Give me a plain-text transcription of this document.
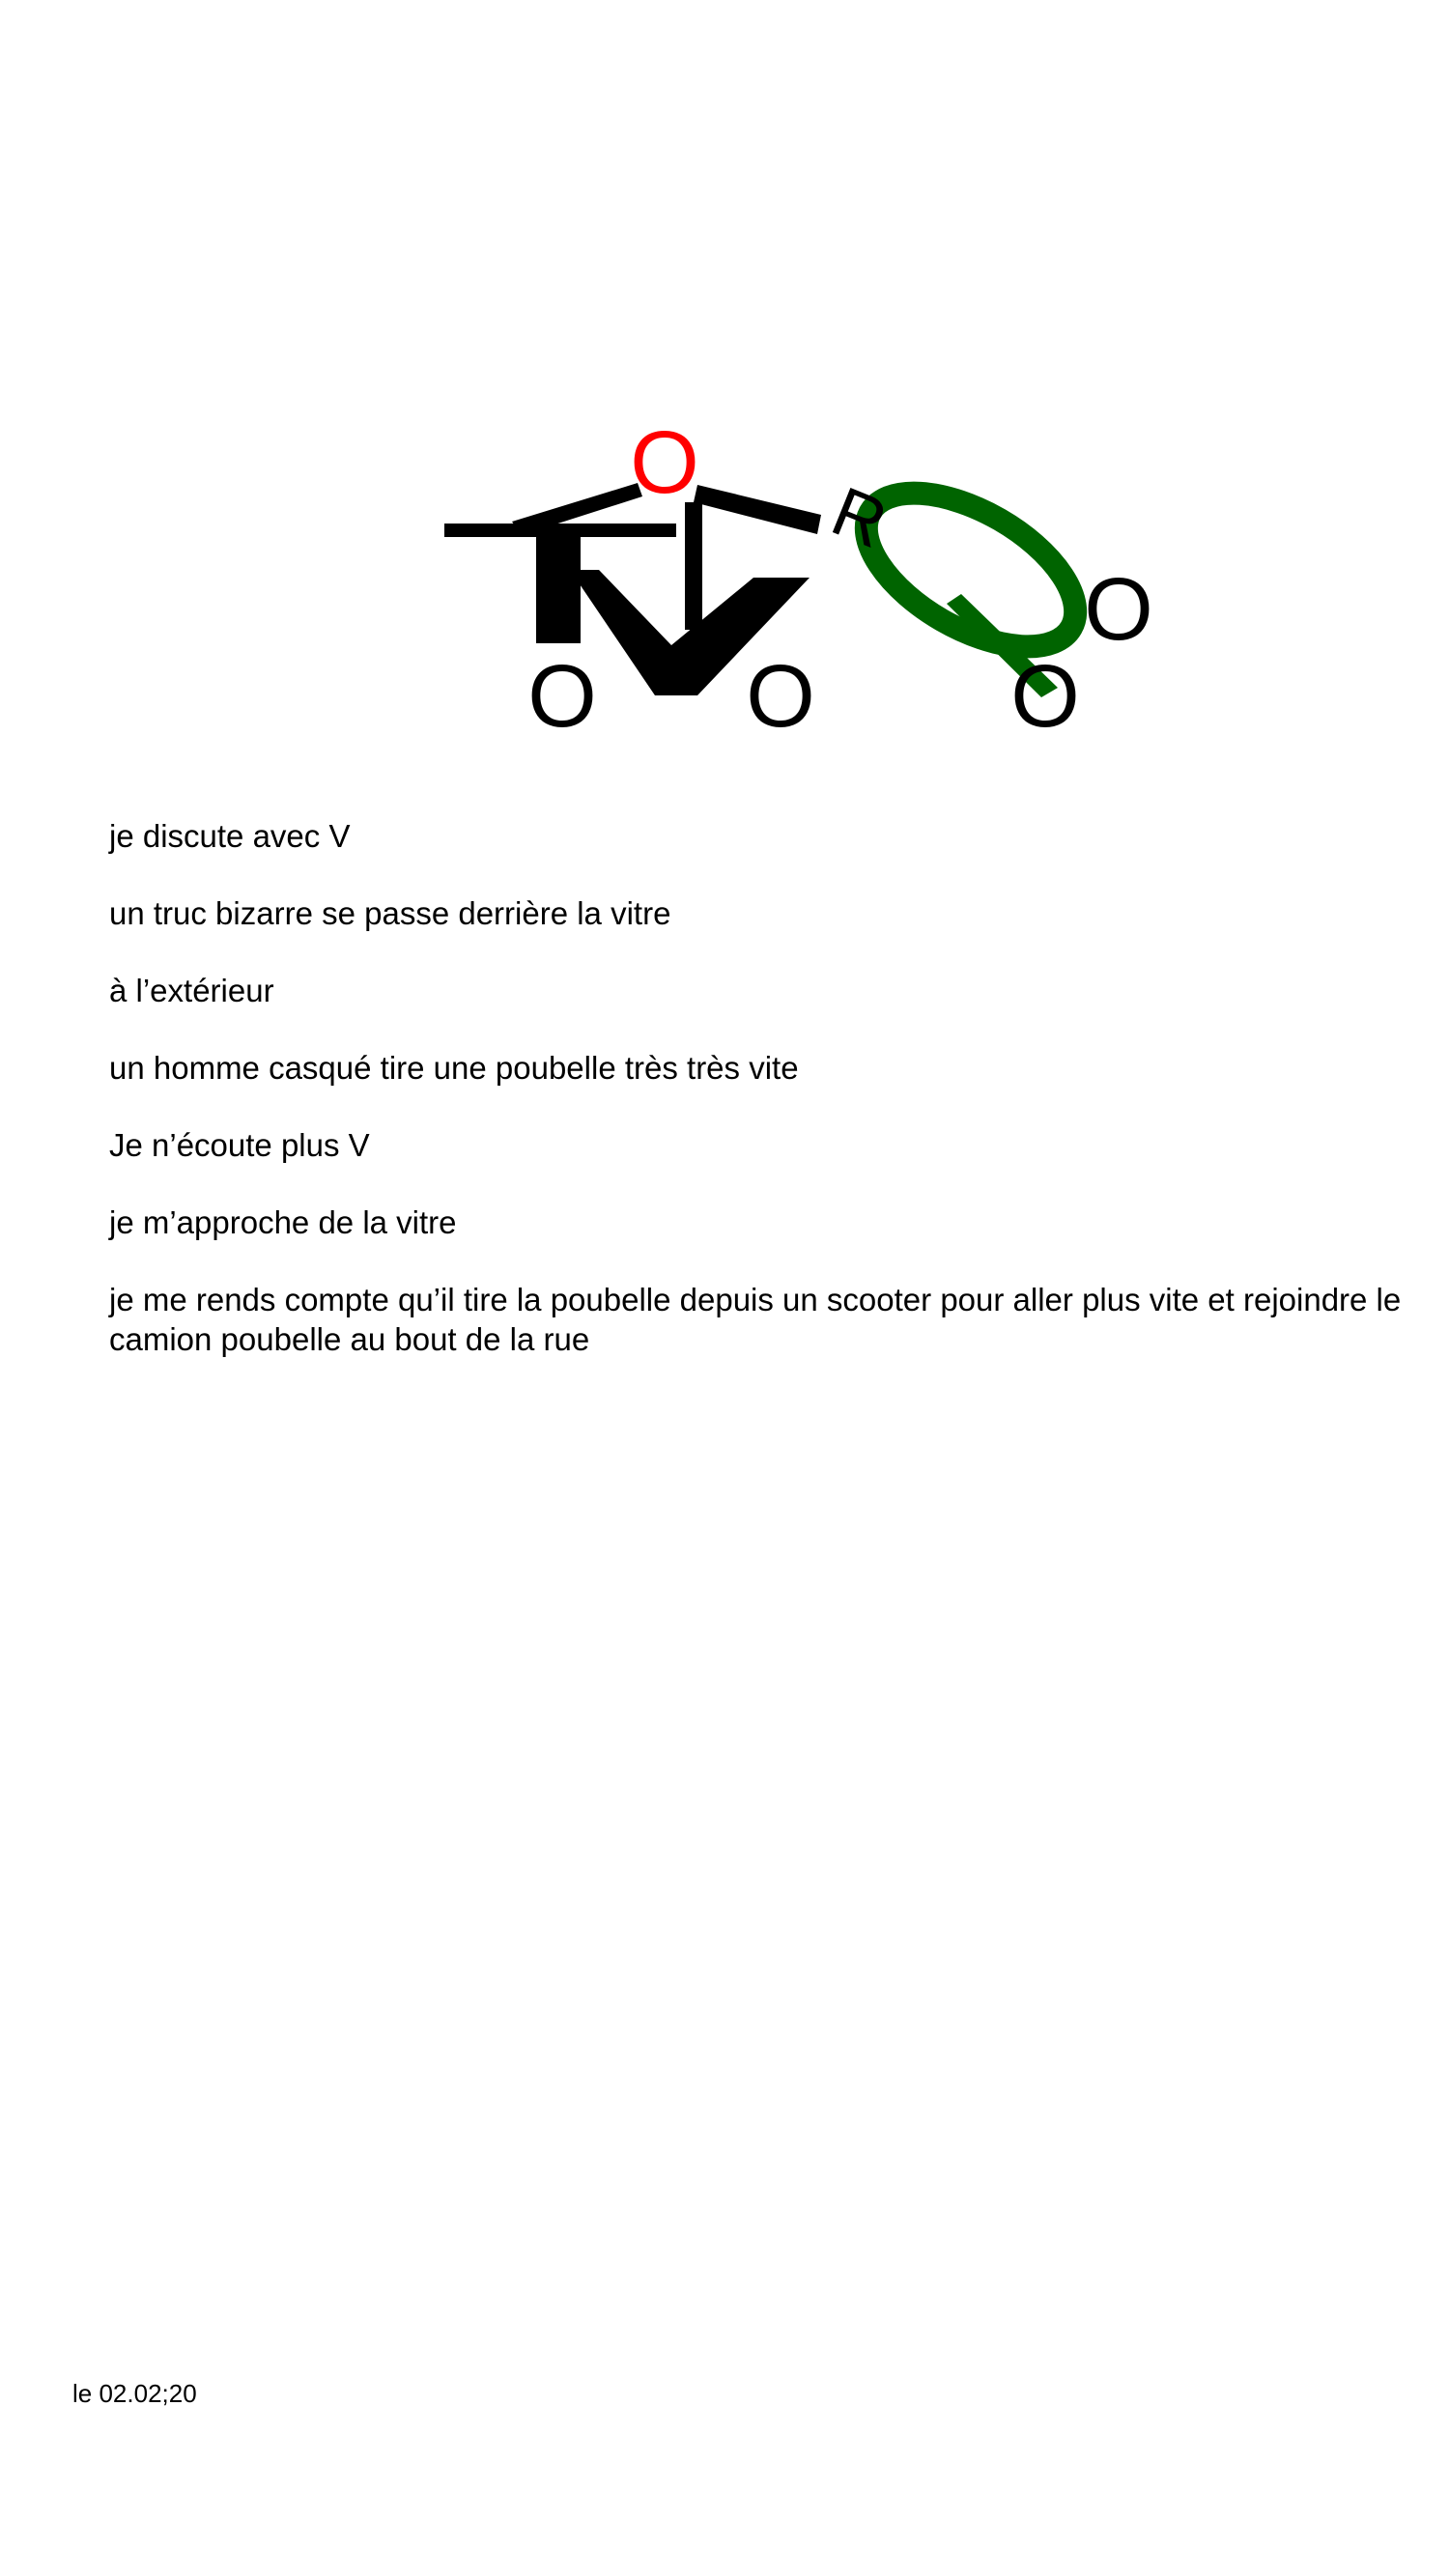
O
R
O O
O
O

je discute avec V

un truc bizarre se passe derrière la vitre

à l’extérieur

un homme casqué tire une poubelle très très vite

Je n’écoute plus V

je m’approche de la vitre

je me rends compte qu’il tire la poubelle depuis un scooter pour aller plus vite et rejoindre le camion poubelle au bout de la rue

le 02.02;20
